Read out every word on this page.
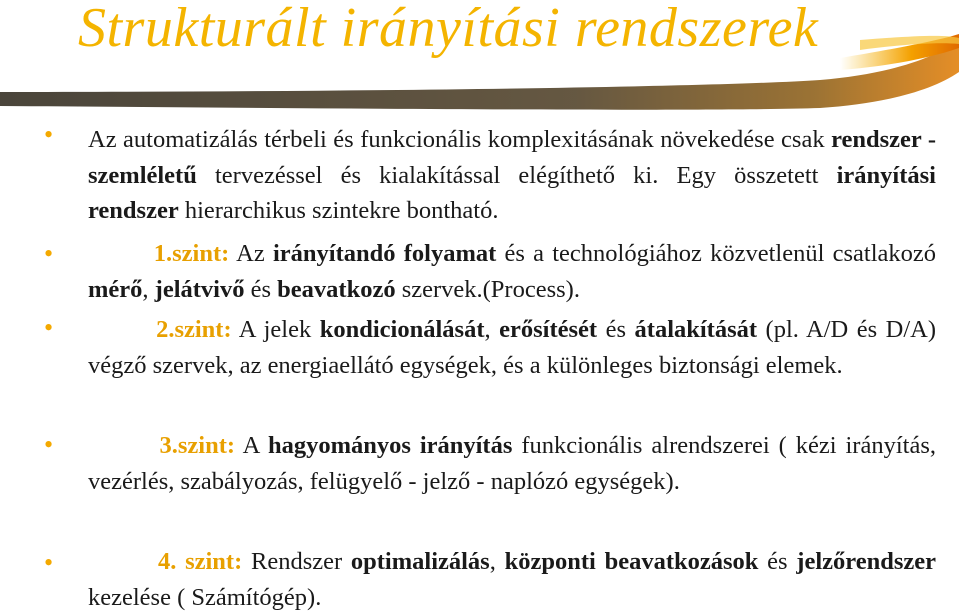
Strukturált irányítási rendszerek
• Az automatizálás térbeli és funkcionális komplexitásának növekedése csak rendszer - szemléletű tervezéssel és kialakítással elégíthető ki. Egy összetett irányítási rendszer hierarchikus szintekre bontható.
•	1.szint: Az irányítandó folyamat és a technológiához közvetlenül csatlakozó mérő, jelátvivő és beavatkozó szervek.(Process).
•	2.szint: A jelek kondicionálását, erősítését és átalakítását (pl. A/D és D/A) végző szervek, az energiaellátó egységek, és a különleges biztonsági elemek.
•	3.szint: A hagyományos irányítás funkcionális alrendszerei ( kézi irányítás, vezérlés, szabályozás, felügyelő - jelző - naplózó egységek).
•	4. szint: Rendszer optimalizálás, központi beavatkozások és jelzőrendszer kezelése ( Számítógép).
